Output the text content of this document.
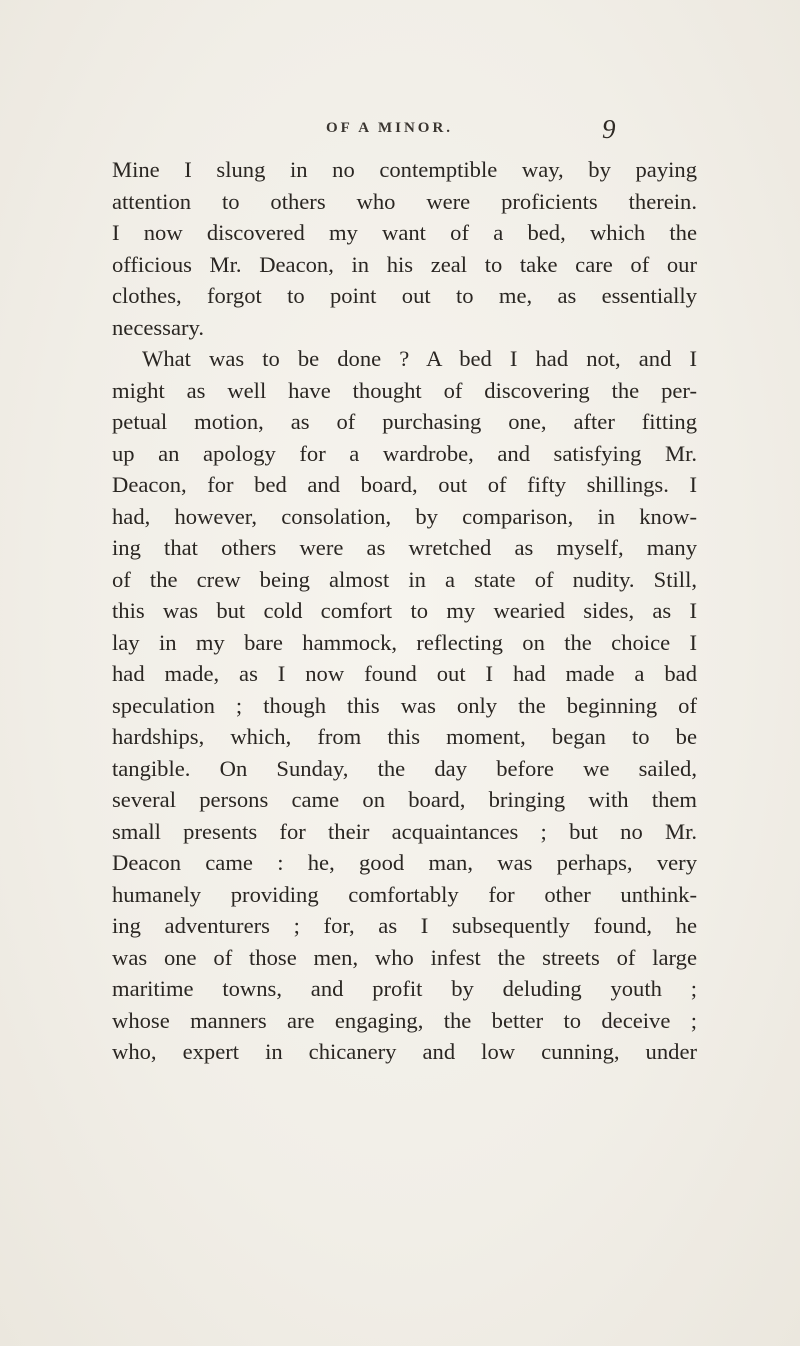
OF A MINOR.	9
Mine I slung in no contemptible way, by paying
attention to others who were proficients therein.
I now discovered my want of a bed, which the
officious Mr. Deacon, in his zeal to take care of our
clothes, forgot to point out to me, as essentially
necessary.
What was to be done ? A bed I had not, and I
might as well have thought of discovering the per-
petual motion, as of purchasing one, after fitting
up an apology for a wardrobe, and satisfying Mr.
Deacon, for bed and board, out of fifty shillings. I
had, however, consolation, by comparison, in know-
ing that others were as wretched as myself, many
of the crew being almost in a state of nudity. Still,
this was but cold comfort to my wearied sides, as I
lay in my bare hammock, reflecting on the choice I
had made, as I now found out I had made a bad
speculation ; though this was only the beginning of
hardships, which, from this moment, began to be
tangible. On Sunday, the day before we sailed,
several persons came on board, bringing with them
small presents for their acquaintances ; but no Mr.
Deacon came : he, good man, was perhaps, very
humanely providing comfortably for other unthink-
ing adventurers ; for, as I subsequently found, he
was one of those men, who infest the streets of large
maritime towns, and profit by deluding youth ;
whose manners are engaging, the better to deceive ;
who, expert in chicanery and low cunning, under
